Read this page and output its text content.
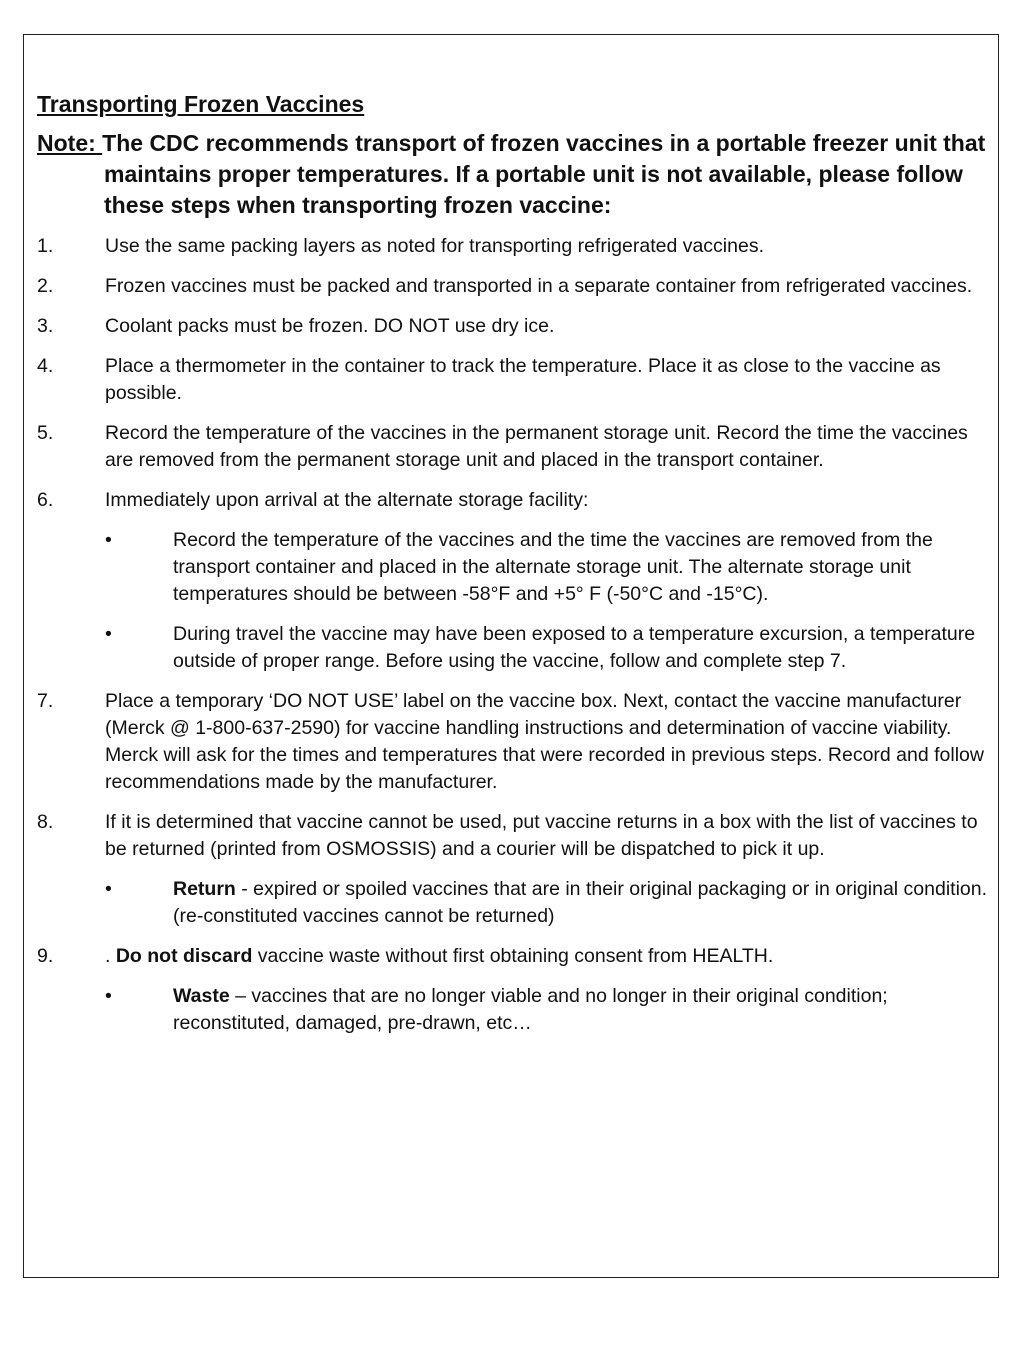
Transporting Frozen Vaccines
Note: The CDC recommends transport of frozen vaccines in a portable freezer unit that maintains proper temperatures. If a portable unit is not available, please follow these steps when transporting frozen vaccine:
1.	Use the same packing layers as noted for transporting refrigerated vaccines.
2.	Frozen vaccines must be packed and transported in a separate container from refrigerated vaccines.
3.	Coolant packs must be frozen. DO NOT use dry ice.
4.	Place a thermometer in the container to track the temperature. Place it as close to the vaccine as possible.
5.	Record the temperature of the vaccines in the permanent storage unit. Record the time the vaccines are removed from the permanent storage unit and placed in the transport container.
6.	Immediately upon arrival at the alternate storage facility:
•	Record the temperature of the vaccines and the time the vaccines are removed from the transport container and placed in the alternate storage unit. The alternate storage unit temperatures should be between -58°F and +5° F (-50°C and -15°C).
•	During travel the vaccine may have been exposed to a temperature excursion, a temperature outside of proper range. Before using the vaccine, follow and complete step 7.
7.	Place a temporary ‘DO NOT USE’ label on the vaccine box. Next, contact the vaccine manufacturer (Merck @ 1-800-637-2590) for vaccine handling instructions and determination of vaccine viability. Merck will ask for the times and temperatures that were recorded in previous steps. Record and follow recommendations made by the manufacturer.
8.	If it is determined that vaccine cannot be used, put vaccine returns in a box with the list of vaccines to be returned (printed from OSMOSSIS) and a courier will be dispatched to pick it up.
•	Return - expired or spoiled vaccines that are in their original packaging or in original condition. (re-constituted vaccines cannot be returned)
9.	. Do not discard vaccine waste without first obtaining consent from HEALTH.
•	Waste – vaccines that are no longer viable and no longer in their original condition; reconstituted, damaged, pre-drawn, etc…
